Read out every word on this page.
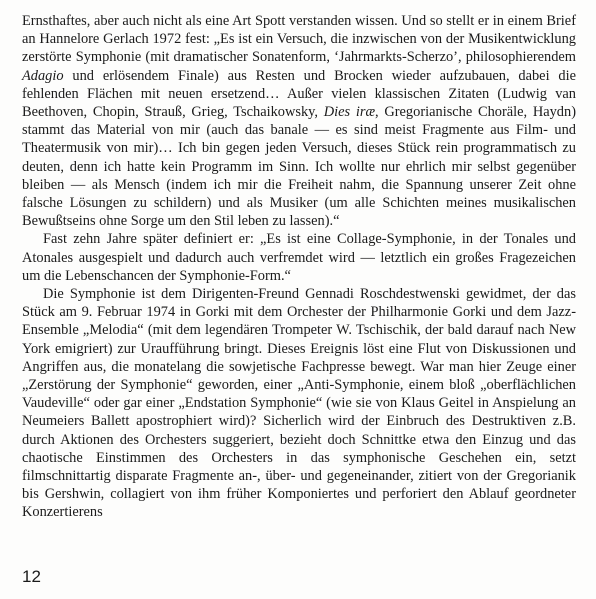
Ernsthaftes, aber auch nicht als eine Art Spott verstanden wissen. Und so stellt er in einem Brief an Hannelore Gerlach 1972 fest: „Es ist ein Versuch, die inzwischen von der Musikentwicklung zerstörte Symphonie (mit dramatischer Sonatenform, ‘Jahrmarkts-Scherzo’, philosophierendem Adagio und erlösendem Finale) aus Resten und Brocken wieder aufzubauen, dabei die fehlenden Flächen mit neuen ersetzend… Außer vielen klassischen Zitaten (Ludwig van Beethoven, Chopin, Strauß, Grieg, Tschaikowsky, Dies iræ, Gregorianische Choräle, Haydn) stammt das Material von mir (auch das banale — es sind meist Fragmente aus Film- und Theatermusik von mir)… Ich bin gegen jeden Versuch, dieses Stück rein programmatisch zu deuten, denn ich hatte kein Programm im Sinn. Ich wollte nur ehrlich mir selbst gegenüber bleiben — als Mensch (indem ich mir die Freiheit nahm, die Spannung unserer Zeit ohne falsche Lösungen zu schildern) und als Musiker (um alle Schichten meines musikalischen Bewußtseins ohne Sorge um den Stil leben zu lassen).“

Fast zehn Jahre später definiert er: „Es ist eine Collage-Symphonie, in der Tonales und Atonales ausgespielt und dadurch auch verfremdet wird — letztlich ein großes Fragezeichen um die Lebenschancen der Symphonie-Form.“

Die Symphonie ist dem Dirigenten-Freund Gennadi Roschdestwenski gewidmet, der das Stück am 9. Februar 1974 in Gorki mit dem Orchester der Philharmonie Gorki und dem Jazz-Ensemble „Melodia“ (mit dem legendären Trompeter W. Tschischik, der bald darauf nach New York emigriert) zur Uraufführung bringt. Dieses Ereignis löst eine Flut von Diskussionen und Angriffen aus, die monatelang die sowjetische Fachpresse bewegt. War man hier Zeuge einer „Zerstörung der Symphonie“ geworden, einer „Anti-Symphonie, einem bloß „oberflächlichen Vaudeville“ oder gar einer „Endstation Symphonie“ (wie sie von Klaus Geitel in Anspielung an Neumeiers Ballett apostrophiert wird)? Sicherlich wird der Einbruch des Destruktiven z.B. durch Aktionen des Orchesters suggeriert, bezieht doch Schnittke etwa den Einzug und das chaotische Einstimmen des Orchesters in das symphonische Geschehen ein, setzt filmschnittartig disparate Fragmente an-, über- und gegeneinander, zitiert von der Gregorianik bis Gershwin, collagiert von ihm früher Komponiertes und perforiert den Ablauf geordneter Konzertierens

12
